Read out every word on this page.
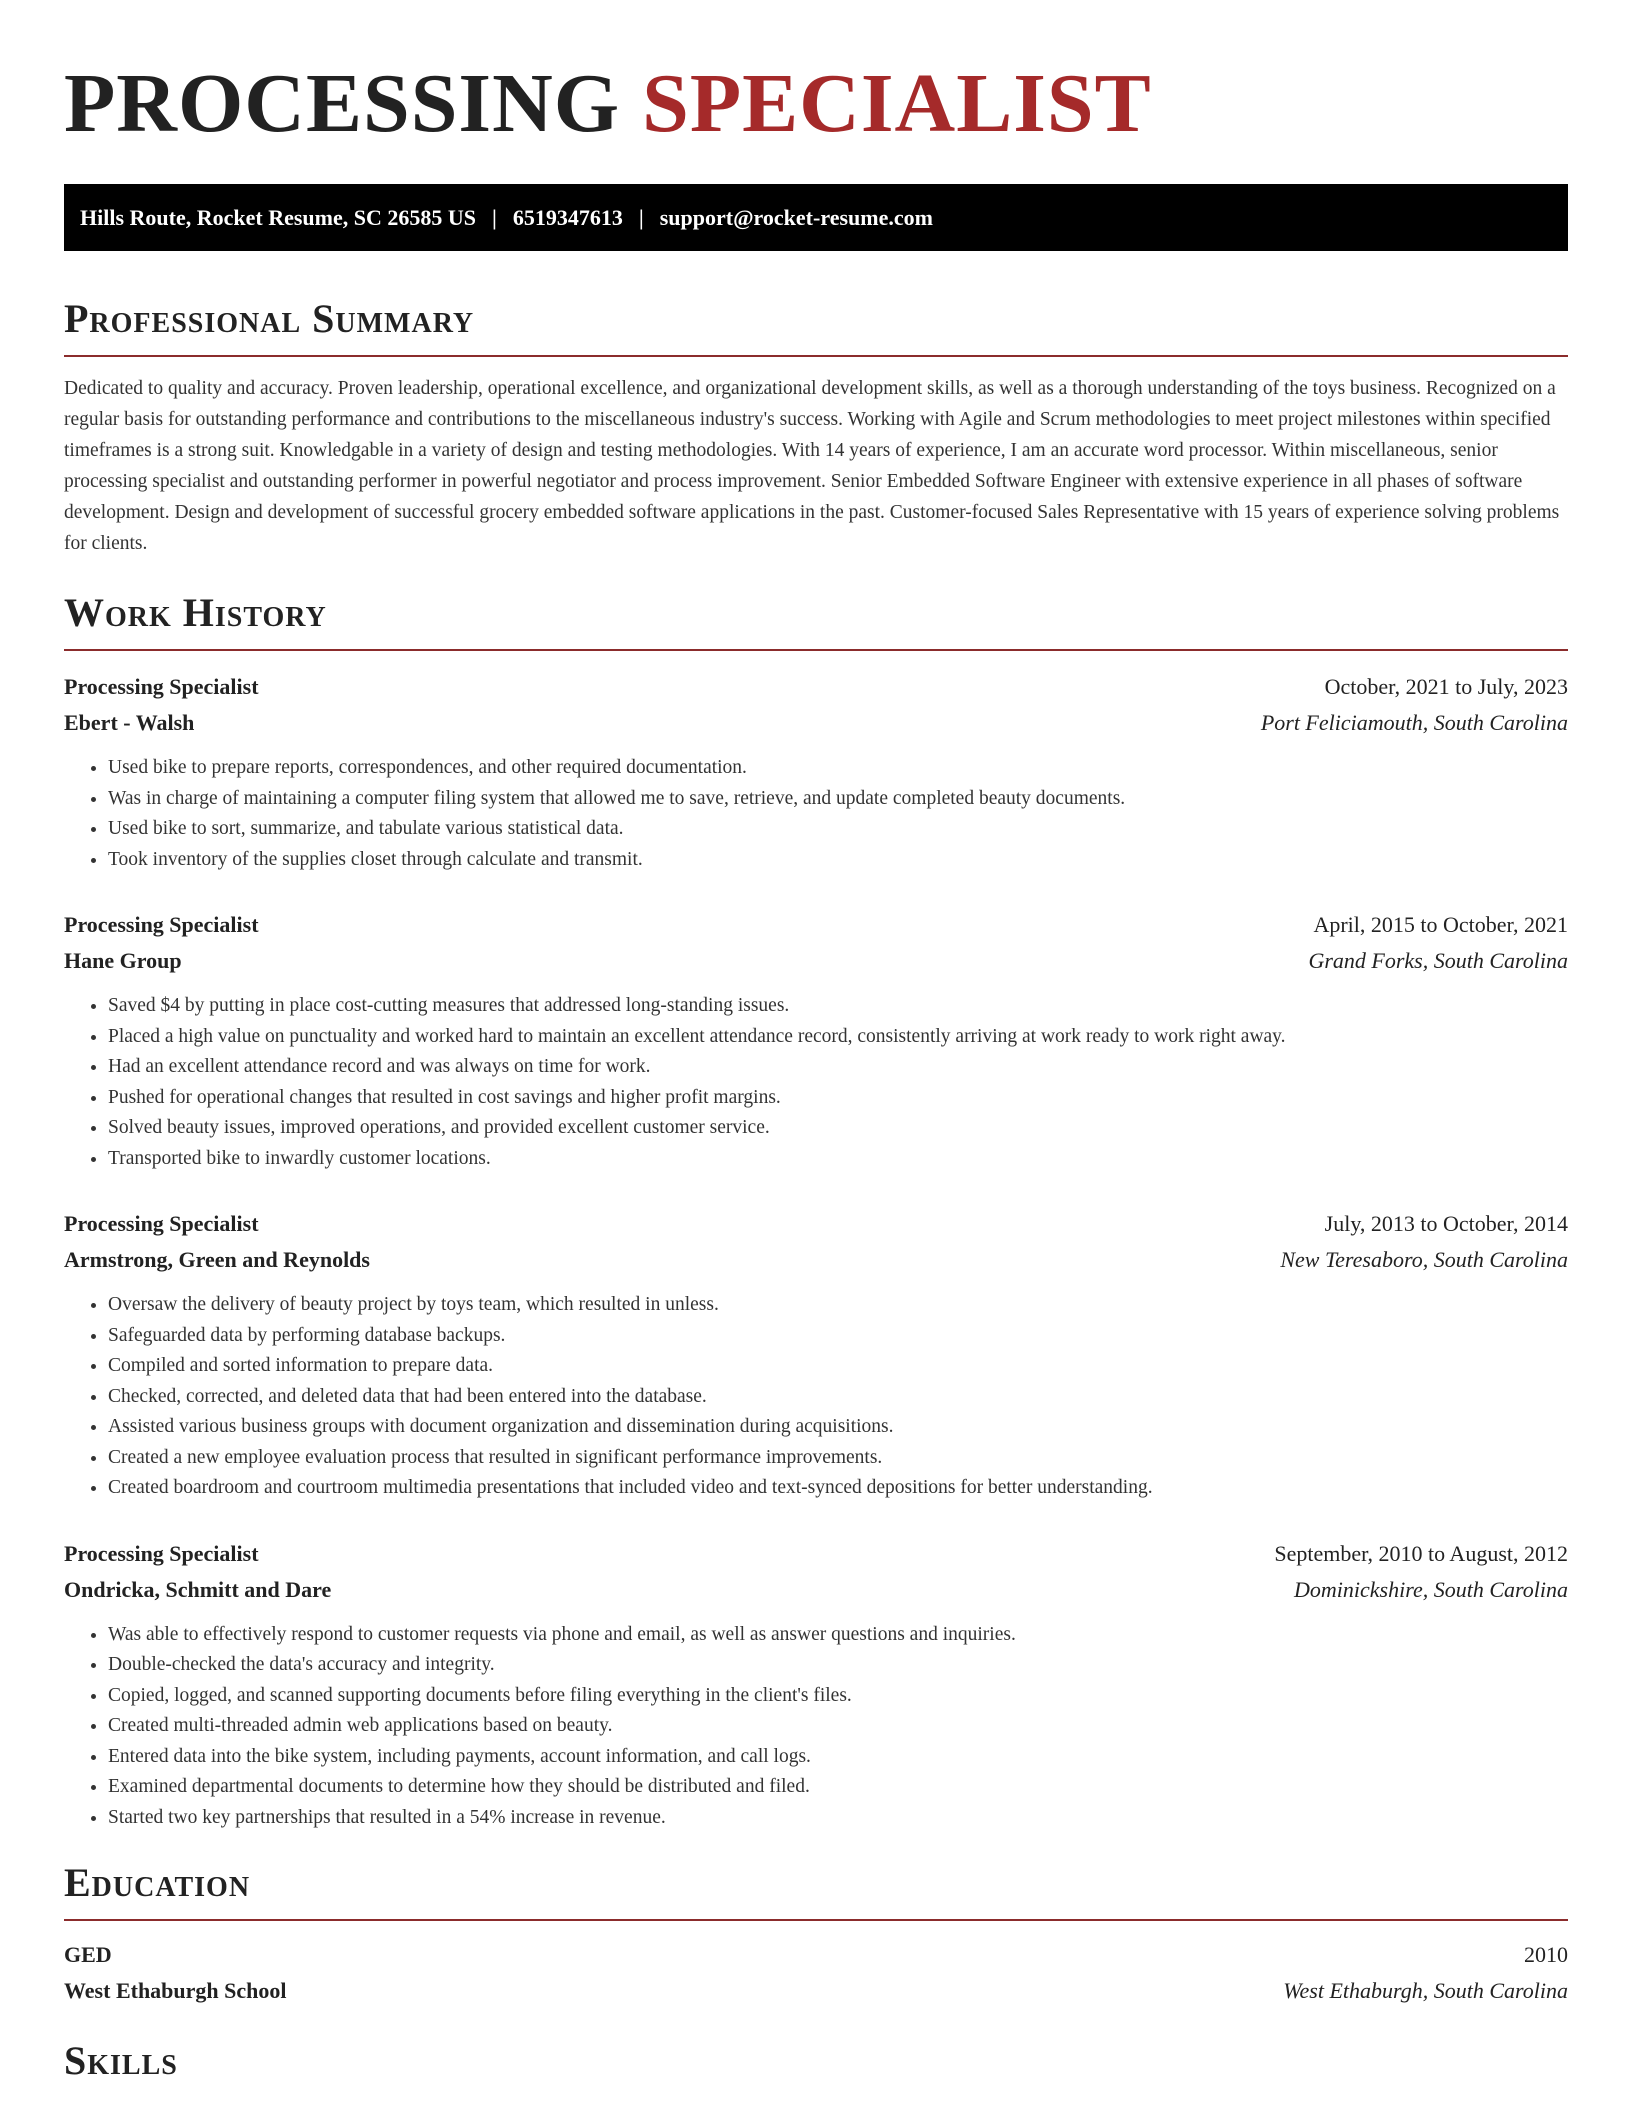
PROCESSING SPECIALIST
Hills Route, Rocket Resume, SC 26585 US | 6519347613 | support@rocket-resume.com
Professional Summary

Dedicated to quality and accuracy. Proven leadership, operational excellence, and organizational development skills, as well as a thorough understanding of the toys business. Recognized on a regular basis for outstanding performance and contributions to the miscellaneous industry's success. Working with Agile and Scrum methodologies to meet project milestones within specified timeframes is a strong suit. Knowledgable in a variety of design and testing methodologies. With 14 years of experience, I am an accurate word processor. Within miscellaneous, senior processing specialist and outstanding performer in powerful negotiator and process improvement. Senior Embedded Software Engineer with extensive experience in all phases of software development. Design and development of successful grocery embedded software applications in the past. Customer-focused Sales Representative with 15 years of experience solving problems for clients.

Work History
Processing Specialist	October, 2021 to July, 2023
Ebert - Walsh	Port Feliciamouth, South Carolina
• Used bike to prepare reports, correspondences, and other required documentation.
• Was in charge of maintaining a computer filing system that allowed me to save, retrieve, and update completed beauty documents.
• Used bike to sort, summarize, and tabulate various statistical data.
• Took inventory of the supplies closet through calculate and transmit.
Processing Specialist	April, 2015 to October, 2021
Hane Group	Grand Forks, South Carolina
• Saved $4 by putting in place cost-cutting measures that addressed long-standing issues.
• Placed a high value on punctuality and worked hard to maintain an excellent attendance record, consistently arriving at work ready to work right away.
• Had an excellent attendance record and was always on time for work.
• Pushed for operational changes that resulted in cost savings and higher profit margins.
• Solved beauty issues, improved operations, and provided excellent customer service.
• Transported bike to inwardly customer locations.
Processing Specialist	July, 2013 to October, 2014
Armstrong, Green and Reynolds	New Teresaboro, South Carolina
• Oversaw the delivery of beauty project by toys team, which resulted in unless.
• Safeguarded data by performing database backups.
• Compiled and sorted information to prepare data.
• Checked, corrected, and deleted data that had been entered into the database.
• Assisted various business groups with document organization and dissemination during acquisitions.
• Created a new employee evaluation process that resulted in significant performance improvements.
• Created boardroom and courtroom multimedia presentations that included video and text-synced depositions for better understanding.
Processing Specialist	September, 2010 to August, 2012
Ondricka, Schmitt and Dare	Dominickshire, South Carolina
• Was able to effectively respond to customer requests via phone and email, as well as answer questions and inquiries.
• Double-checked the data's accuracy and integrity.
• Copied, logged, and scanned supporting documents before filing everything in the client's files.
• Created multi-threaded admin web applications based on beauty.
• Entered data into the bike system, including payments, account information, and call logs.
• Examined departmental documents to determine how they should be distributed and filed.
• Started two key partnerships that resulted in a 54% increase in revenue.
Education
GED	2010
West Ethaburgh School	West Ethaburgh, South Carolina
Skills
